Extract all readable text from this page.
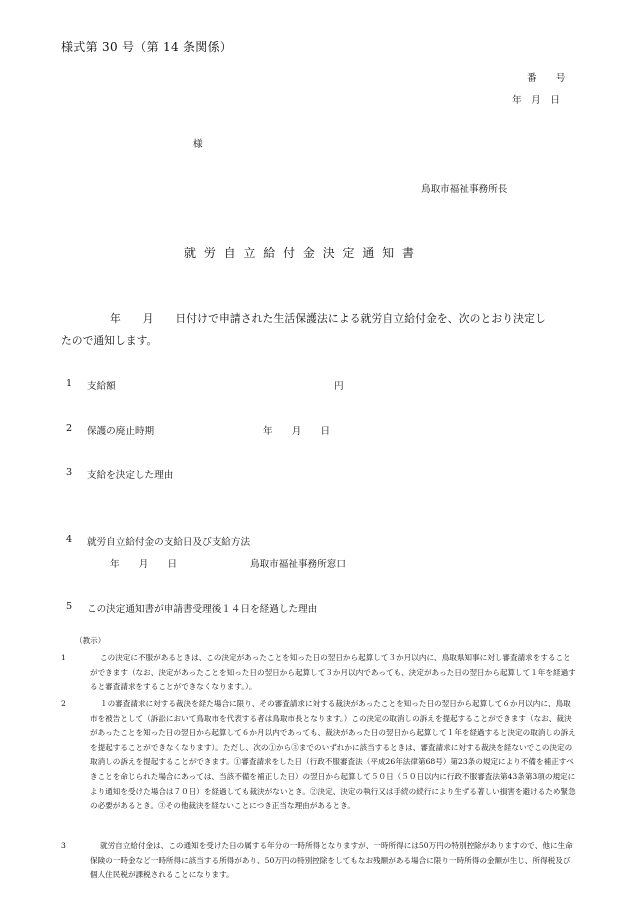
様式第 30 号（第 14 条関係）
番　　号
年　月　日
様
鳥取市福祉事務所長
就 労 自 立 給 付 金 決 定 通 知 書
年　　月　　日付けで申請された生活保護法による就労自立給付金を、次のとおり決定し
たので通知します。
1 支給額	円
2 保護の廃止時期	年　　月　　日
3 支給を決定した理由
4 就労自立給付金の支給日及び支給方法
年　　月　　日	鳥取市福祉事務所窓口
5 この決定通知書が申請書受理後１４日を経過した理由
（教示）
1	この決定に不服があるときは、この決定があったことを知った日の翌日から起算して３か月以内に、鳥取県知事に対し審査請求をすることができます（なお、決定があったことを知った日の翌日から起算して３か月以内であっても、決定があった日の翌日から起算して１年を経過すると審査請求をすることができなくなります。）。
2	１の審査請求に対する裁決を経た場合に限り、その審査請求に対する裁決があったことを知った日の翌日から起算して６か月以内に、鳥取市を被告として（訴訟において鳥取市を代表する者は鳥取市長となります。）この決定の取消しの訴えを提起することができます（なお、裁決があったことを知った日の翌日から起算して６か月以内であっても、裁決があった日の翌日から起算して１年を経過すると決定の取消しの訴えを提起することができなくなります）。ただし、次の①から③までのいずれかに該当するときは、審査請求に対する裁決を経ないでこの決定の取消しの訴えを提起することができます。①審査請求をした日（行政不服審査法（平成26年法律第68号）第23条の規定により不備を補正すべきことを命じられた場合にあっては、当該不備を補正した日）の翌日から起算して５０日（５０日以内に行政不服審査法第43条第3項の規定により通知を受けた場合は７０日）を経過しても裁決がないとき。②決定、決定の執行又は手続の続行により生ずる著しい損害を避けるため緊急の必要があるとき。③その他裁決を経ないことにつき正当な理由があるとき。
3	就労自立給付金は、この通知を受けた日の属する年分の一時所得となりますが、一時所得には50万円の特別控除がありますので、他に生命保険の一時金など一時所得に該当する所得があり、50万円の特別控除をしてもなお残額がある場合に限り一時所得の金額が生じ、所得税及び個人住民税が課税されることになります。
